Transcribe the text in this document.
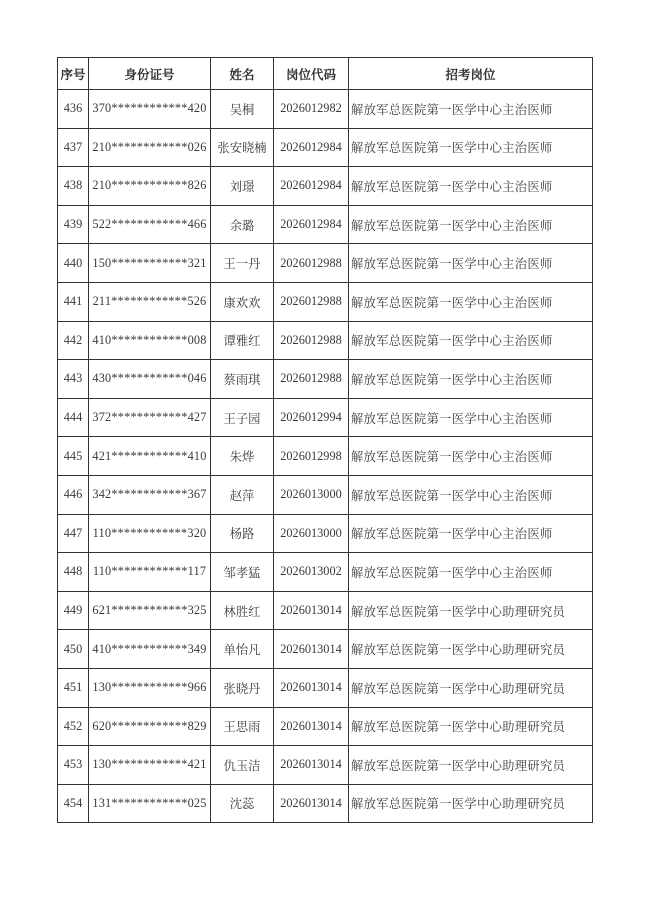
序号	身份证号	姓名	岗位代码	招考岗位
436	370************420	吴桐	2026012982	解放军总医院第一医学中心主治医师
437	210************026	张安晓楠	2026012984	解放军总医院第一医学中心主治医师
438	210************826	刘璟	2026012984	解放军总医院第一医学中心主治医师
439	522************466	余璐	2026012984	解放军总医院第一医学中心主治医师
440	150************321	王一丹	2026012988	解放军总医院第一医学中心主治医师
441	211************526	康欢欢	2026012988	解放军总医院第一医学中心主治医师
442	410************008	谭雅红	2026012988	解放军总医院第一医学中心主治医师
443	430************046	蔡雨琪	2026012988	解放军总医院第一医学中心主治医师
444	372************427	王子园	2026012994	解放军总医院第一医学中心主治医师
445	421************410	朱烨	2026012998	解放军总医院第一医学中心主治医师
446	342************367	赵萍	2026013000	解放军总医院第一医学中心主治医师
447	110************320	杨路	2026013000	解放军总医院第一医学中心主治医师
448	110************117	邹孝猛	2026013002	解放军总医院第一医学中心主治医师
449	621************325	林胜红	2026013014	解放军总医院第一医学中心助理研究员
450	410************349	单怡凡	2026013014	解放军总医院第一医学中心助理研究员
451	130************966	张晓丹	2026013014	解放军总医院第一医学中心助理研究员
452	620************829	王思雨	2026013014	解放军总医院第一医学中心助理研究员
453	130************421	仇玉洁	2026013014	解放军总医院第一医学中心助理研究员
454	131************025	沈蕊	2026013014	解放军总医院第一医学中心助理研究员
